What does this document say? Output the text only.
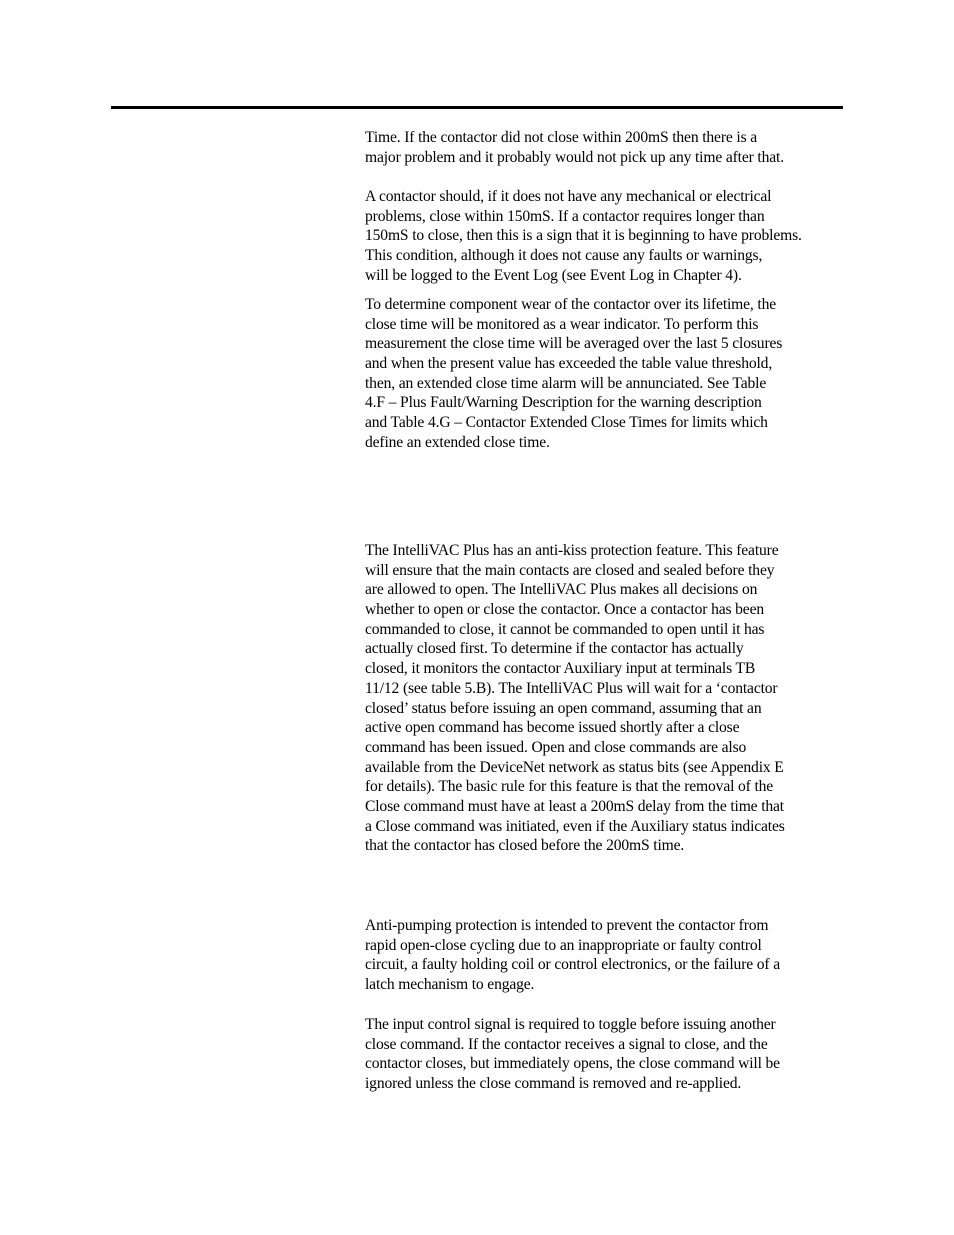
Time. If the contactor did not close within 200mS then there is a
major problem and it probably would not pick up any time after that.
A contactor should, if it does not have any mechanical or electrical
problems, close within 150mS. If a contactor requires longer than
150mS to close, then this is a sign that it is beginning to have problems.
This condition, although it does not cause any faults or warnings,
will be logged to the Event Log (see Event Log in Chapter 4).
To determine component wear of the contactor over its lifetime, the
close time will be monitored as a wear indicator. To perform this
measurement the close time will be averaged over the last 5 closures
and when the present value has exceeded the table value threshold,
then, an extended close time alarm will be annunciated. See Table
4.F – Plus Fault/Warning Description for the warning description
and Table 4.G – Contactor Extended Close Times for limits which
define an extended close time.
The IntelliVAC Plus has an anti-kiss protection feature. This feature
will ensure that the main contacts are closed and sealed before they
are allowed to open. The IntelliVAC Plus makes all decisions on
whether to open or close the contactor. Once a contactor has been
commanded to close, it cannot be commanded to open until it has
actually closed first. To determine if the contactor has actually
closed, it monitors the contactor Auxiliary input at terminals TB
11/12 (see table 5.B). The IntelliVAC Plus will wait for a ‘contactor
closed’ status before issuing an open command, assuming that an
active open command has become issued shortly after a close
command has been issued. Open and close commands are also
available from the DeviceNet network as status bits (see Appendix E
for details). The basic rule for this feature is that the removal of the
Close command must have at least a 200mS delay from the time that
a Close command was initiated, even if the Auxiliary status indicates
that the contactor has closed before the 200mS time.
Anti-pumping protection is intended to prevent the contactor from
rapid open-close cycling due to an inappropriate or faulty control
circuit, a faulty holding coil or control electronics, or the failure of a
latch mechanism to engage.
The input control signal is required to toggle before issuing another
close command. If the contactor receives a signal to close, and the
contactor closes, but immediately opens, the close command will be
ignored unless the close command is removed and re-applied.
